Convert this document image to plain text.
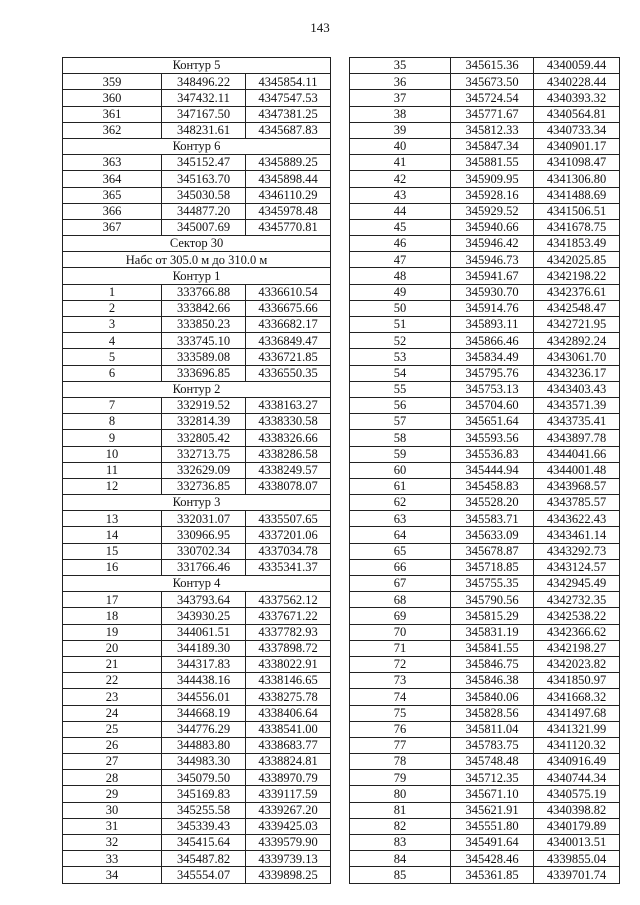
143
Контур 5		
359	348496.22	4345854.11
360	347432.11	4347547.53
361	347167.50	4347381.25
362	348231.61	4345687.83
Контур 6		
363	345152.47	4345889.25
364	345163.70	4345898.44
365	345030.58	4346110.29
366	344877.20	4345978.48
367	345007.69	4345770.81
Сектор 30		
Набс от 305.0 м до 310.0 м		
Контур 1		
1	333766.88	4336610.54
2	333842.66	4336675.66
3	333850.23	4336682.17
4	333745.10	4336849.47
5	333589.08	4336721.85
6	333696.85	4336550.35
Контур 2		
7	332919.52	4338163.27
8	332814.39	4338330.58
9	332805.42	4338326.66
10	332713.75	4338286.58
11	332629.09	4338249.57
12	332736.85	4338078.07
Контур 3		
13	332031.07	4335507.65
14	330966.95	4337201.06
15	330702.34	4337034.78
16	331766.46	4335341.37
Контур 4		
17	343793.64	4337562.12
18	343930.25	4337671.22
19	344061.51	4337782.93
20	344189.30	4337898.72
21	344317.83	4338022.91
22	344438.16	4338146.65
23	344556.01	4338275.78
24	344668.19	4338406.64
25	344776.29	4338541.00
26	344883.80	4338683.77
27	344983.30	4338824.81
28	345079.50	4338970.79
29	345169.83	4339117.59
30	345255.58	4339267.20
31	345339.43	4339425.03
32	345415.64	4339579.90
33	345487.82	4339739.13
34	345554.07	4339898.25
35	345615.36	4340059.44
36	345673.50	4340228.44
37	345724.54	4340393.32
38	345771.67	4340564.81
39	345812.33	4340733.34
40	345847.34	4340901.17
41	345881.55	4341098.47
42	345909.95	4341306.80
43	345928.16	4341488.69
44	345929.52	4341506.51
45	345940.66	4341678.75
46	345946.42	4341853.49
47	345946.73	4342025.85
48	345941.67	4342198.22
49	345930.70	4342376.61
50	345914.76	4342548.47
51	345893.11	4342721.95
52	345866.46	4342892.24
53	345834.49	4343061.70
54	345795.76	4343236.17
55	345753.13	4343403.43
56	345704.60	4343571.39
57	345651.64	4343735.41
58	345593.56	4343897.78
59	345536.83	4344041.66
60	345444.94	4344001.48
61	345458.83	4343968.57
62	345528.20	4343785.57
63	345583.71	4343622.43
64	345633.09	4343461.14
65	345678.87	4343292.73
66	345718.85	4343124.57
67	345755.35	4342945.49
68	345790.56	4342732.35
69	345815.29	4342538.22
70	345831.19	4342366.62
71	345841.55	4342198.27
72	345846.75	4342023.82
73	345846.38	4341850.97
74	345840.06	4341668.32
75	345828.56	4341497.68
76	345811.04	4341321.99
77	345783.75	4341120.32
78	345748.48	4340916.49
79	345712.35	4340744.34
80	345671.10	4340575.19
81	345621.91	4340398.82
82	345551.80	4340179.89
83	345491.64	4340013.51
84	345428.46	4339855.04
85	345361.85	4339701.74
